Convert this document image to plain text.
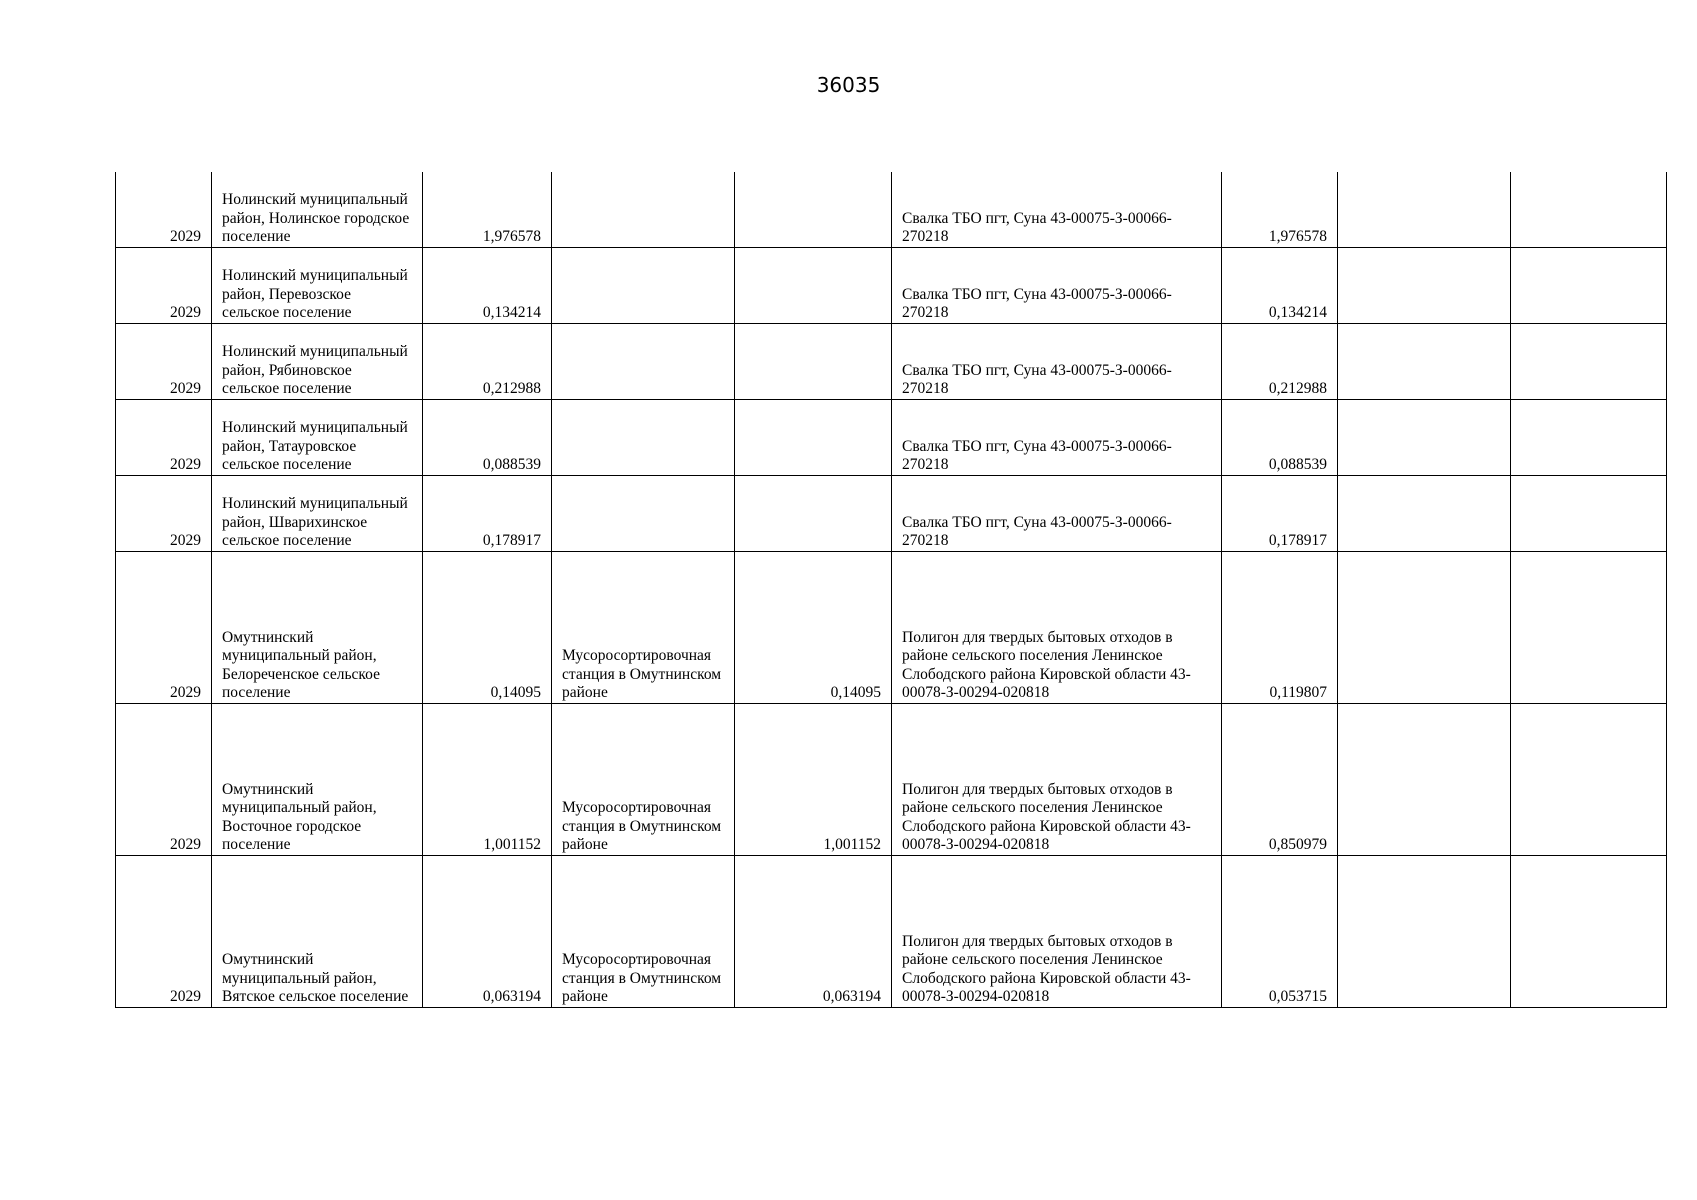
36035
2029	Нолинский муниципальный район, Нолинское городское поселение	1,976578			Свалка ТБО пгт, Суна 43-00075-З-00066-270218	1,976578		
2029	Нолинский муниципальный район, Перевозское сельское поселение	0,134214			Свалка ТБО пгт, Суна 43-00075-З-00066-270218	0,134214		
2029	Нолинский муниципальный район, Рябиновское сельское поселение	0,212988			Свалка ТБО пгт, Суна 43-00075-З-00066-270218	0,212988		
2029	Нолинский муниципальный район, Татауровское сельское поселение	0,088539			Свалка ТБО пгт, Суна 43-00075-З-00066-270218	0,088539		
2029	Нолинский муниципальный район, Шварихинское сельское поселение	0,178917			Свалка ТБО пгт, Суна 43-00075-З-00066-270218	0,178917		
2029	Омутнинский муниципальный район, Белореченское сельское поселение	0,14095	Мусоросортировочная станция в Омутнинском районе	0,14095	Полигон для твердых бытовых отходов в районе сельского поселения Ленинское Слободского района Кировской области 43-00078-З-00294-020818	0,119807		
2029	Омутнинский муниципальный район, Восточное городское поселение	1,001152	Мусоросортировочная станция в Омутнинском районе	1,001152	Полигон для твердых бытовых отходов в районе сельского поселения Ленинское Слободского района Кировской области 43-00078-З-00294-020818	0,850979		
2029	Омутнинский муниципальный район, Вятское сельское поселение	0,063194	Мусоросортировочная станция в Омутнинском районе	0,063194	Полигон для твердых бытовых отходов в районе сельского поселения Ленинское Слободского района Кировской области 43-00078-З-00294-020818	0,053715		
